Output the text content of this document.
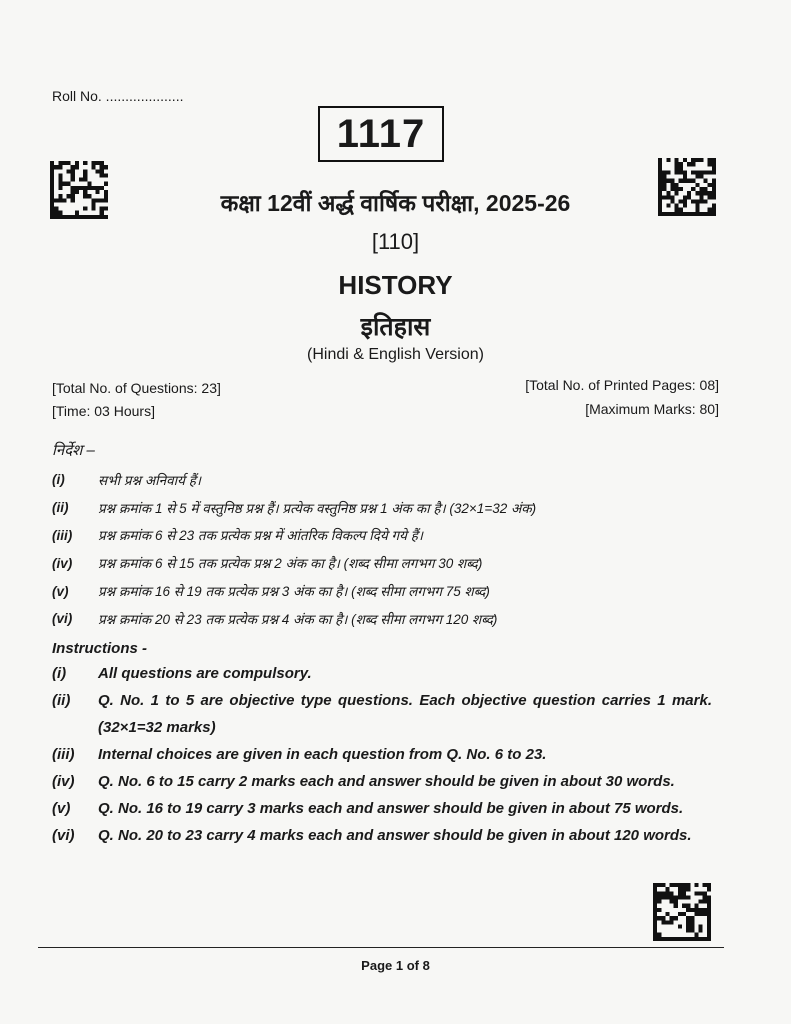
Roll No. ....................
1117
कक्षा 12वीं अर्द्ध वार्षिक परीक्षा, 2025-26
[110]
HISTORY
इतिहास
(Hindi & English Version)
[Total No. of Questions: 23]
[Time: 03 Hours]
[Total No. of Printed Pages: 08]
[Maximum Marks: 80]
निर्देश –
(i)	सभी प्रश्न अनिवार्य हैं।
(ii)	प्रश्न क्रमांक 1 से 5 में वस्तुनिष्ठ प्रश्न हैं। प्रत्येक वस्तुनिष्ठ प्रश्न 1 अंक का है। (32×1=32 अंक)
(iii)	प्रश्न क्रमांक 6 से 23 तक प्रत्येक प्रश्न में आंतरिक विकल्प दिये गये हैं।
(iv)	प्रश्न क्रमांक 6 से 15 तक प्रत्येक प्रश्न 2 अंक का है। (शब्द सीमा लगभग 30 शब्द)
(v)	प्रश्न क्रमांक 16 से 19 तक प्रत्येक प्रश्न 3 अंक का है। (शब्द सीमा लगभग 75 शब्द)
(vi)	प्रश्न क्रमांक 20 से 23 तक प्रत्येक प्रश्न 4 अंक का है। (शब्द सीमा लगभग 120 शब्द)
Instructions -
(i)	All questions are compulsory.
(ii)	Q. No. 1 to 5 are objective type questions. Each objective question carries 1 mark. (32×1=32 marks)
(iii)	Internal choices are given in each question from Q. No. 6 to 23.
(iv)	Q. No. 6 to 15 carry 2 marks each and answer should be given in about 30 words.
(v)	Q. No. 16 to 19 carry 3 marks each and answer should be given in about 75 words.
(vi)	Q. No. 20 to 23 carry 4 marks each and answer should be given in about 120 words.
Page 1 of 8
